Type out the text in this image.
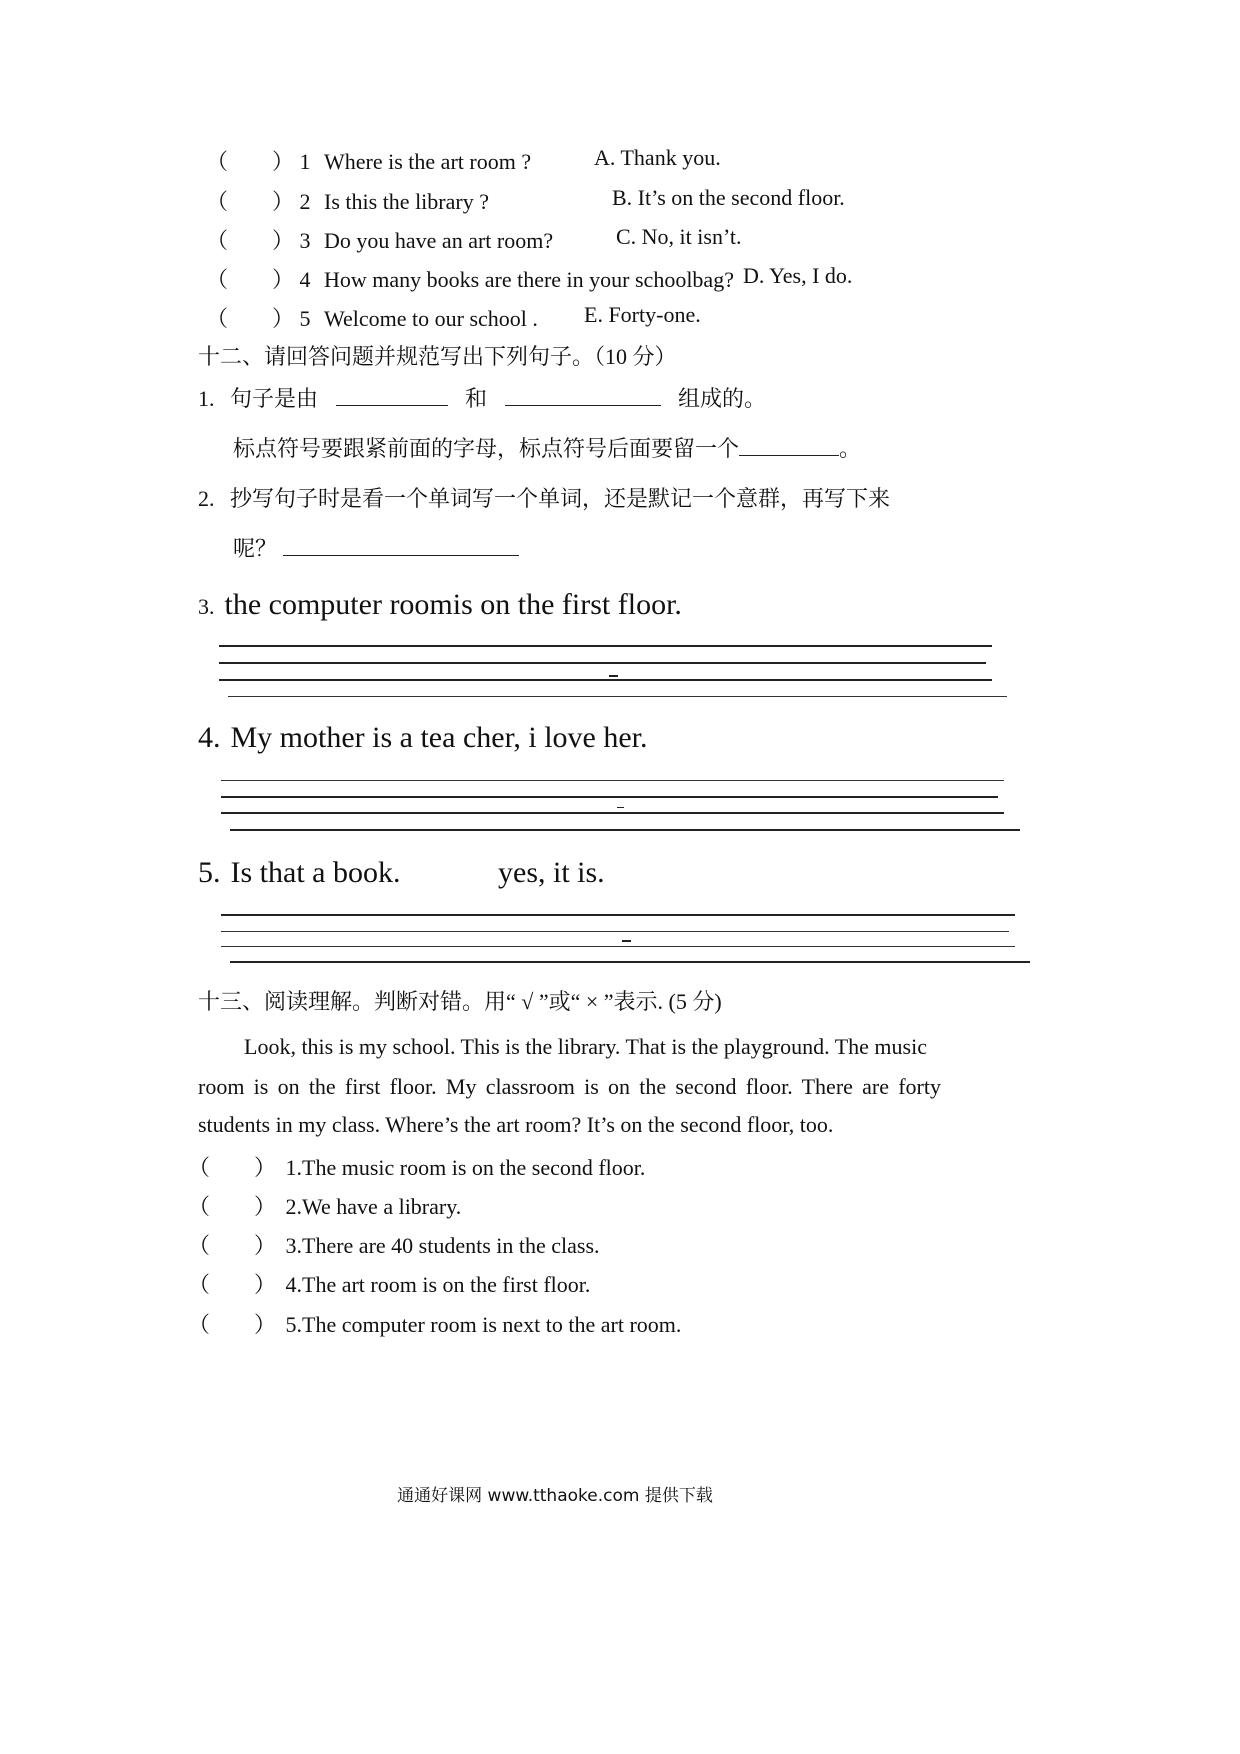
（　　） 1 Where is the art room ?	A. Thank you.
（　　） 2 Is this the library ?	B. It’s on the second floor.
（　　） 3 Do you have an art room?	C. No, it isn’t.
（　　） 4 How many books are there in your schoolbag? D. Yes, I do.
（　　） 5 Welcome to our school . E. Forty-one.
十二、请回答问题并规范写出下列句子。（10 分）
1. 句子是由	和	组成的。
标点符号要跟紧前面的字母，标点符号后面要留一个	。
2. 抄写句子时是看一个单词写一个单词，还是默记一个意群，再写下来
呢？
3. the computer roomis on the first floor.
4. My mother is a tea cher, i love her.
5. Is that a book.	yes, it is.
十三、阅读理解。判断对错。用“ √ ”或“ × ”表示. (5 分)
Look, this is my school. This is the library. That is the playground. The music
room is on the first floor. My classroom is on the second floor. There are forty
students in my class. Where’s the art room? It’s on the second floor, too.
（　　） 1.The music room is on the second floor.
（　　） 2.We have a library.
（　　） 3.There are 40 students in the class.
（　　） 4.The art room is on the first floor.
（　　） 5.The computer room is next to the art room.
通通好课网 www.tthaoke.com 提供下载
